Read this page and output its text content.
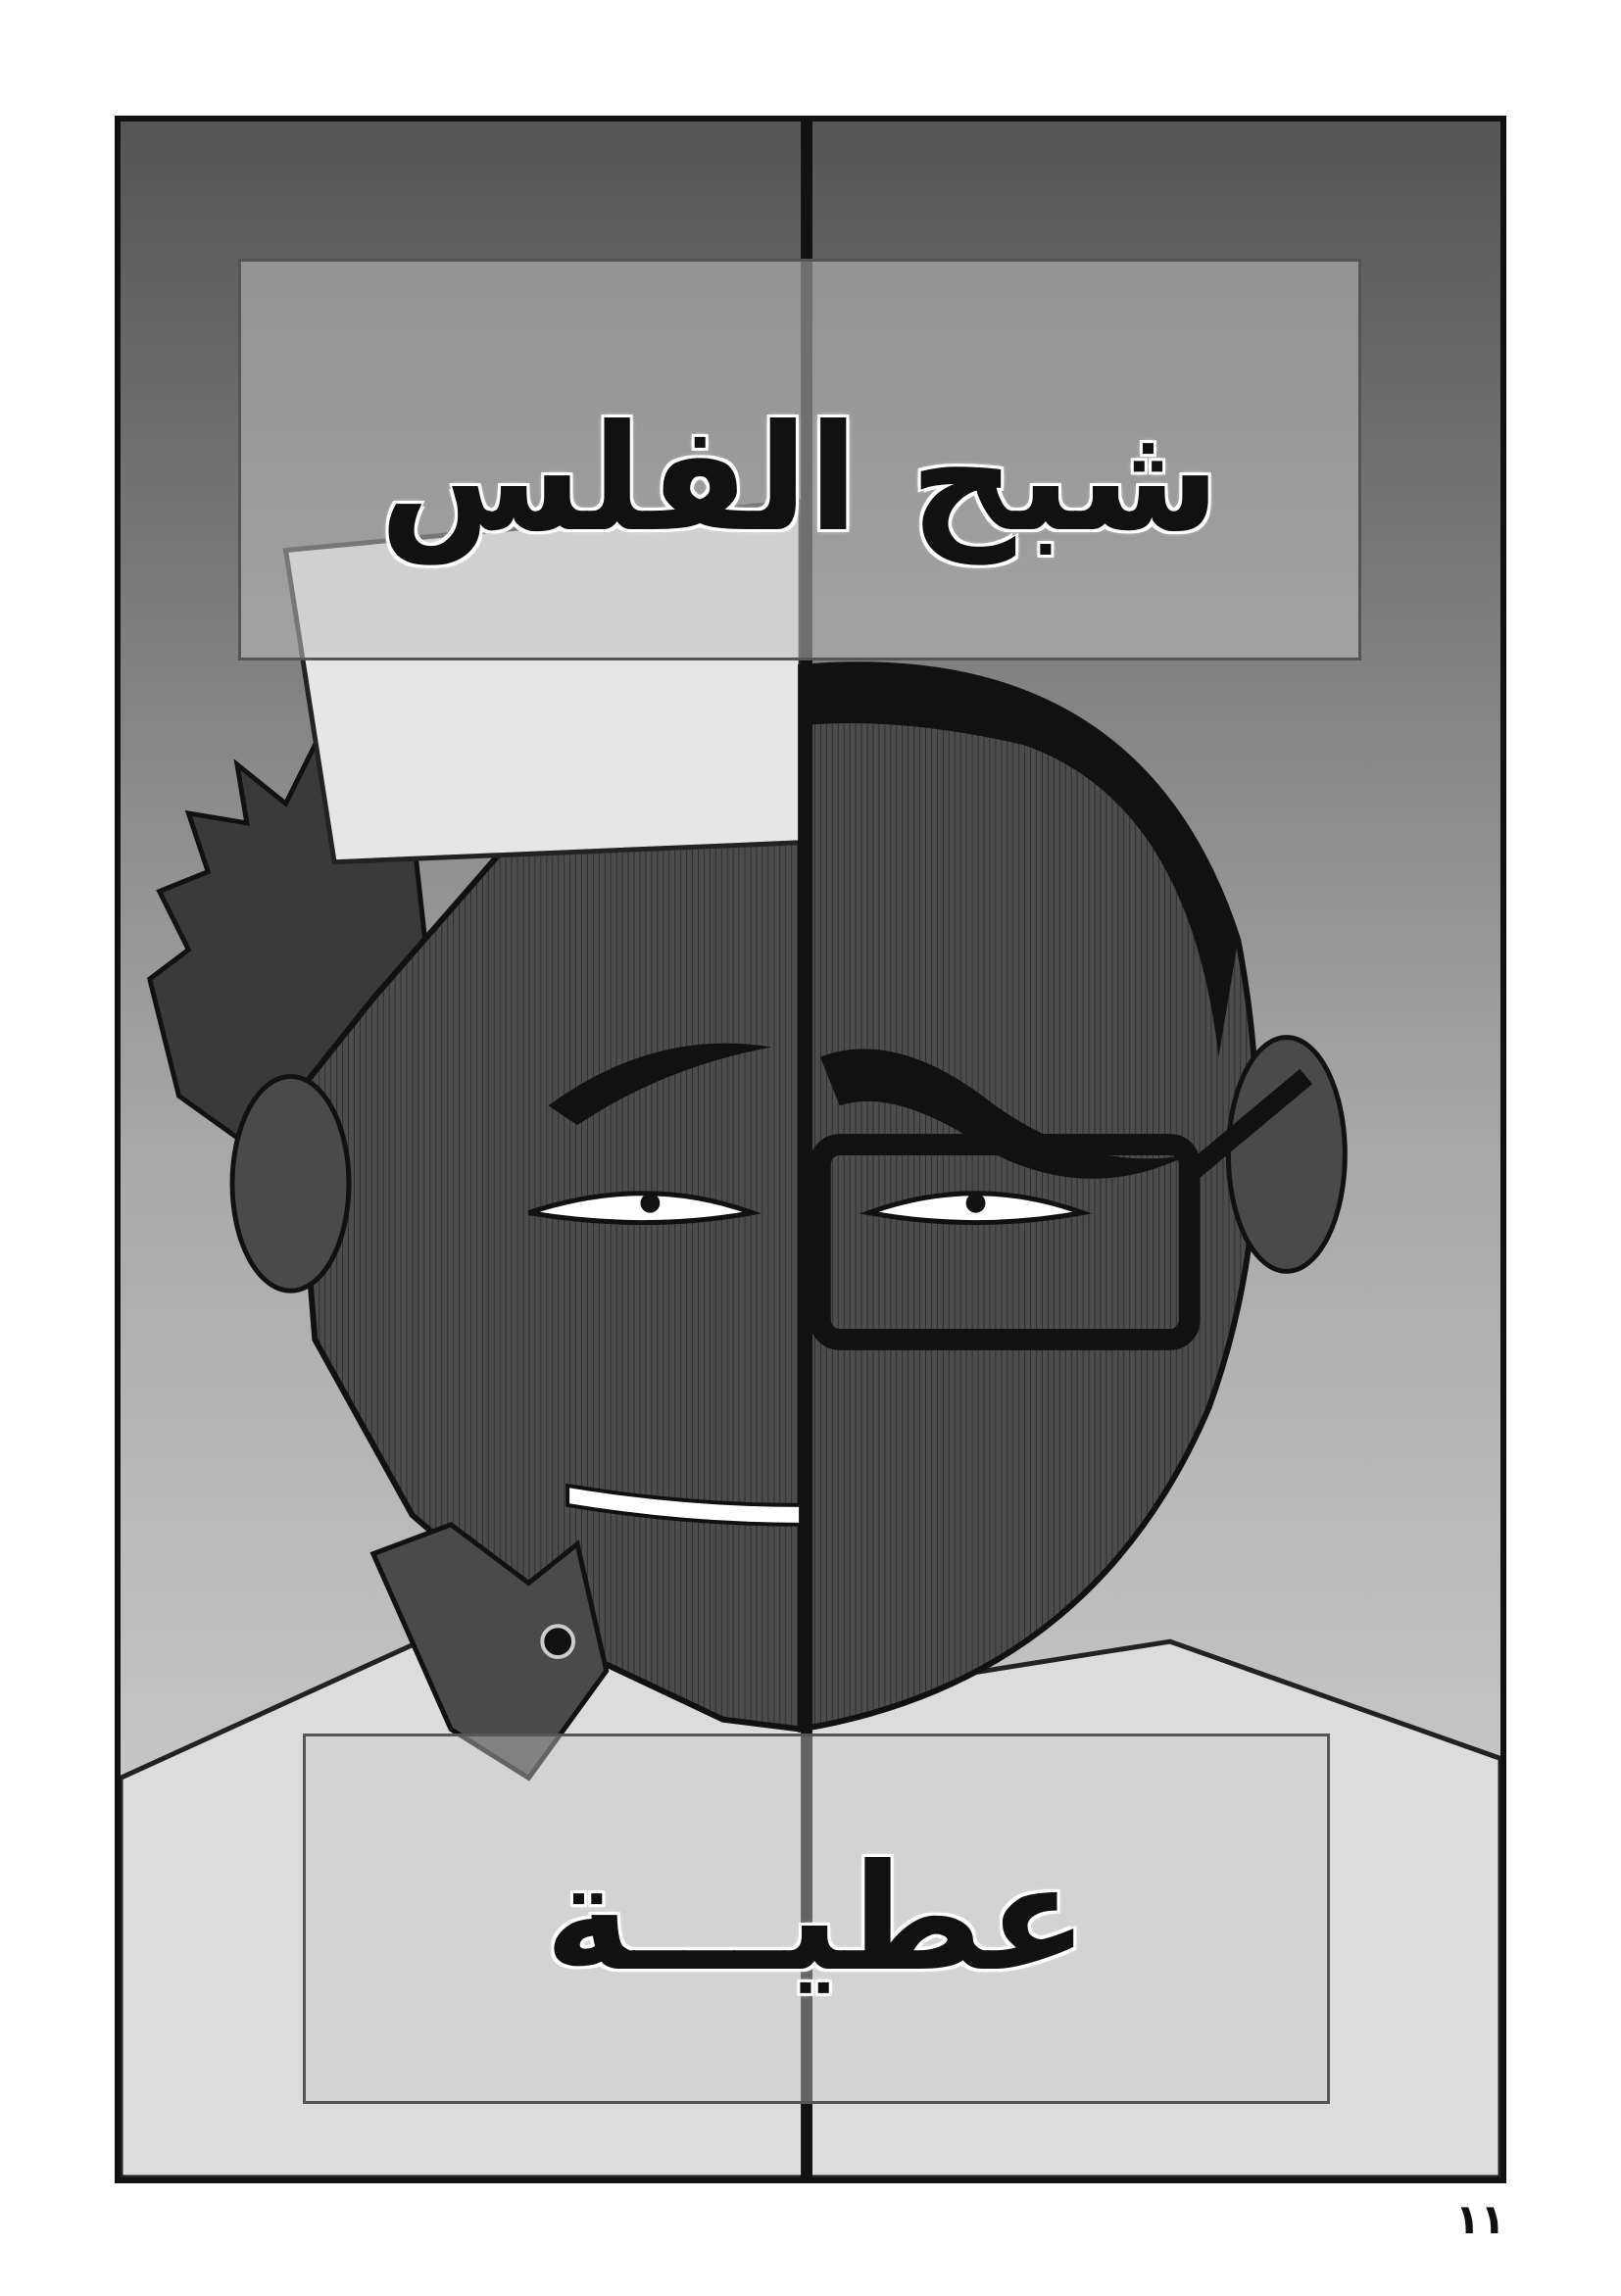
شبح الفلس
عطيـــة
١١
